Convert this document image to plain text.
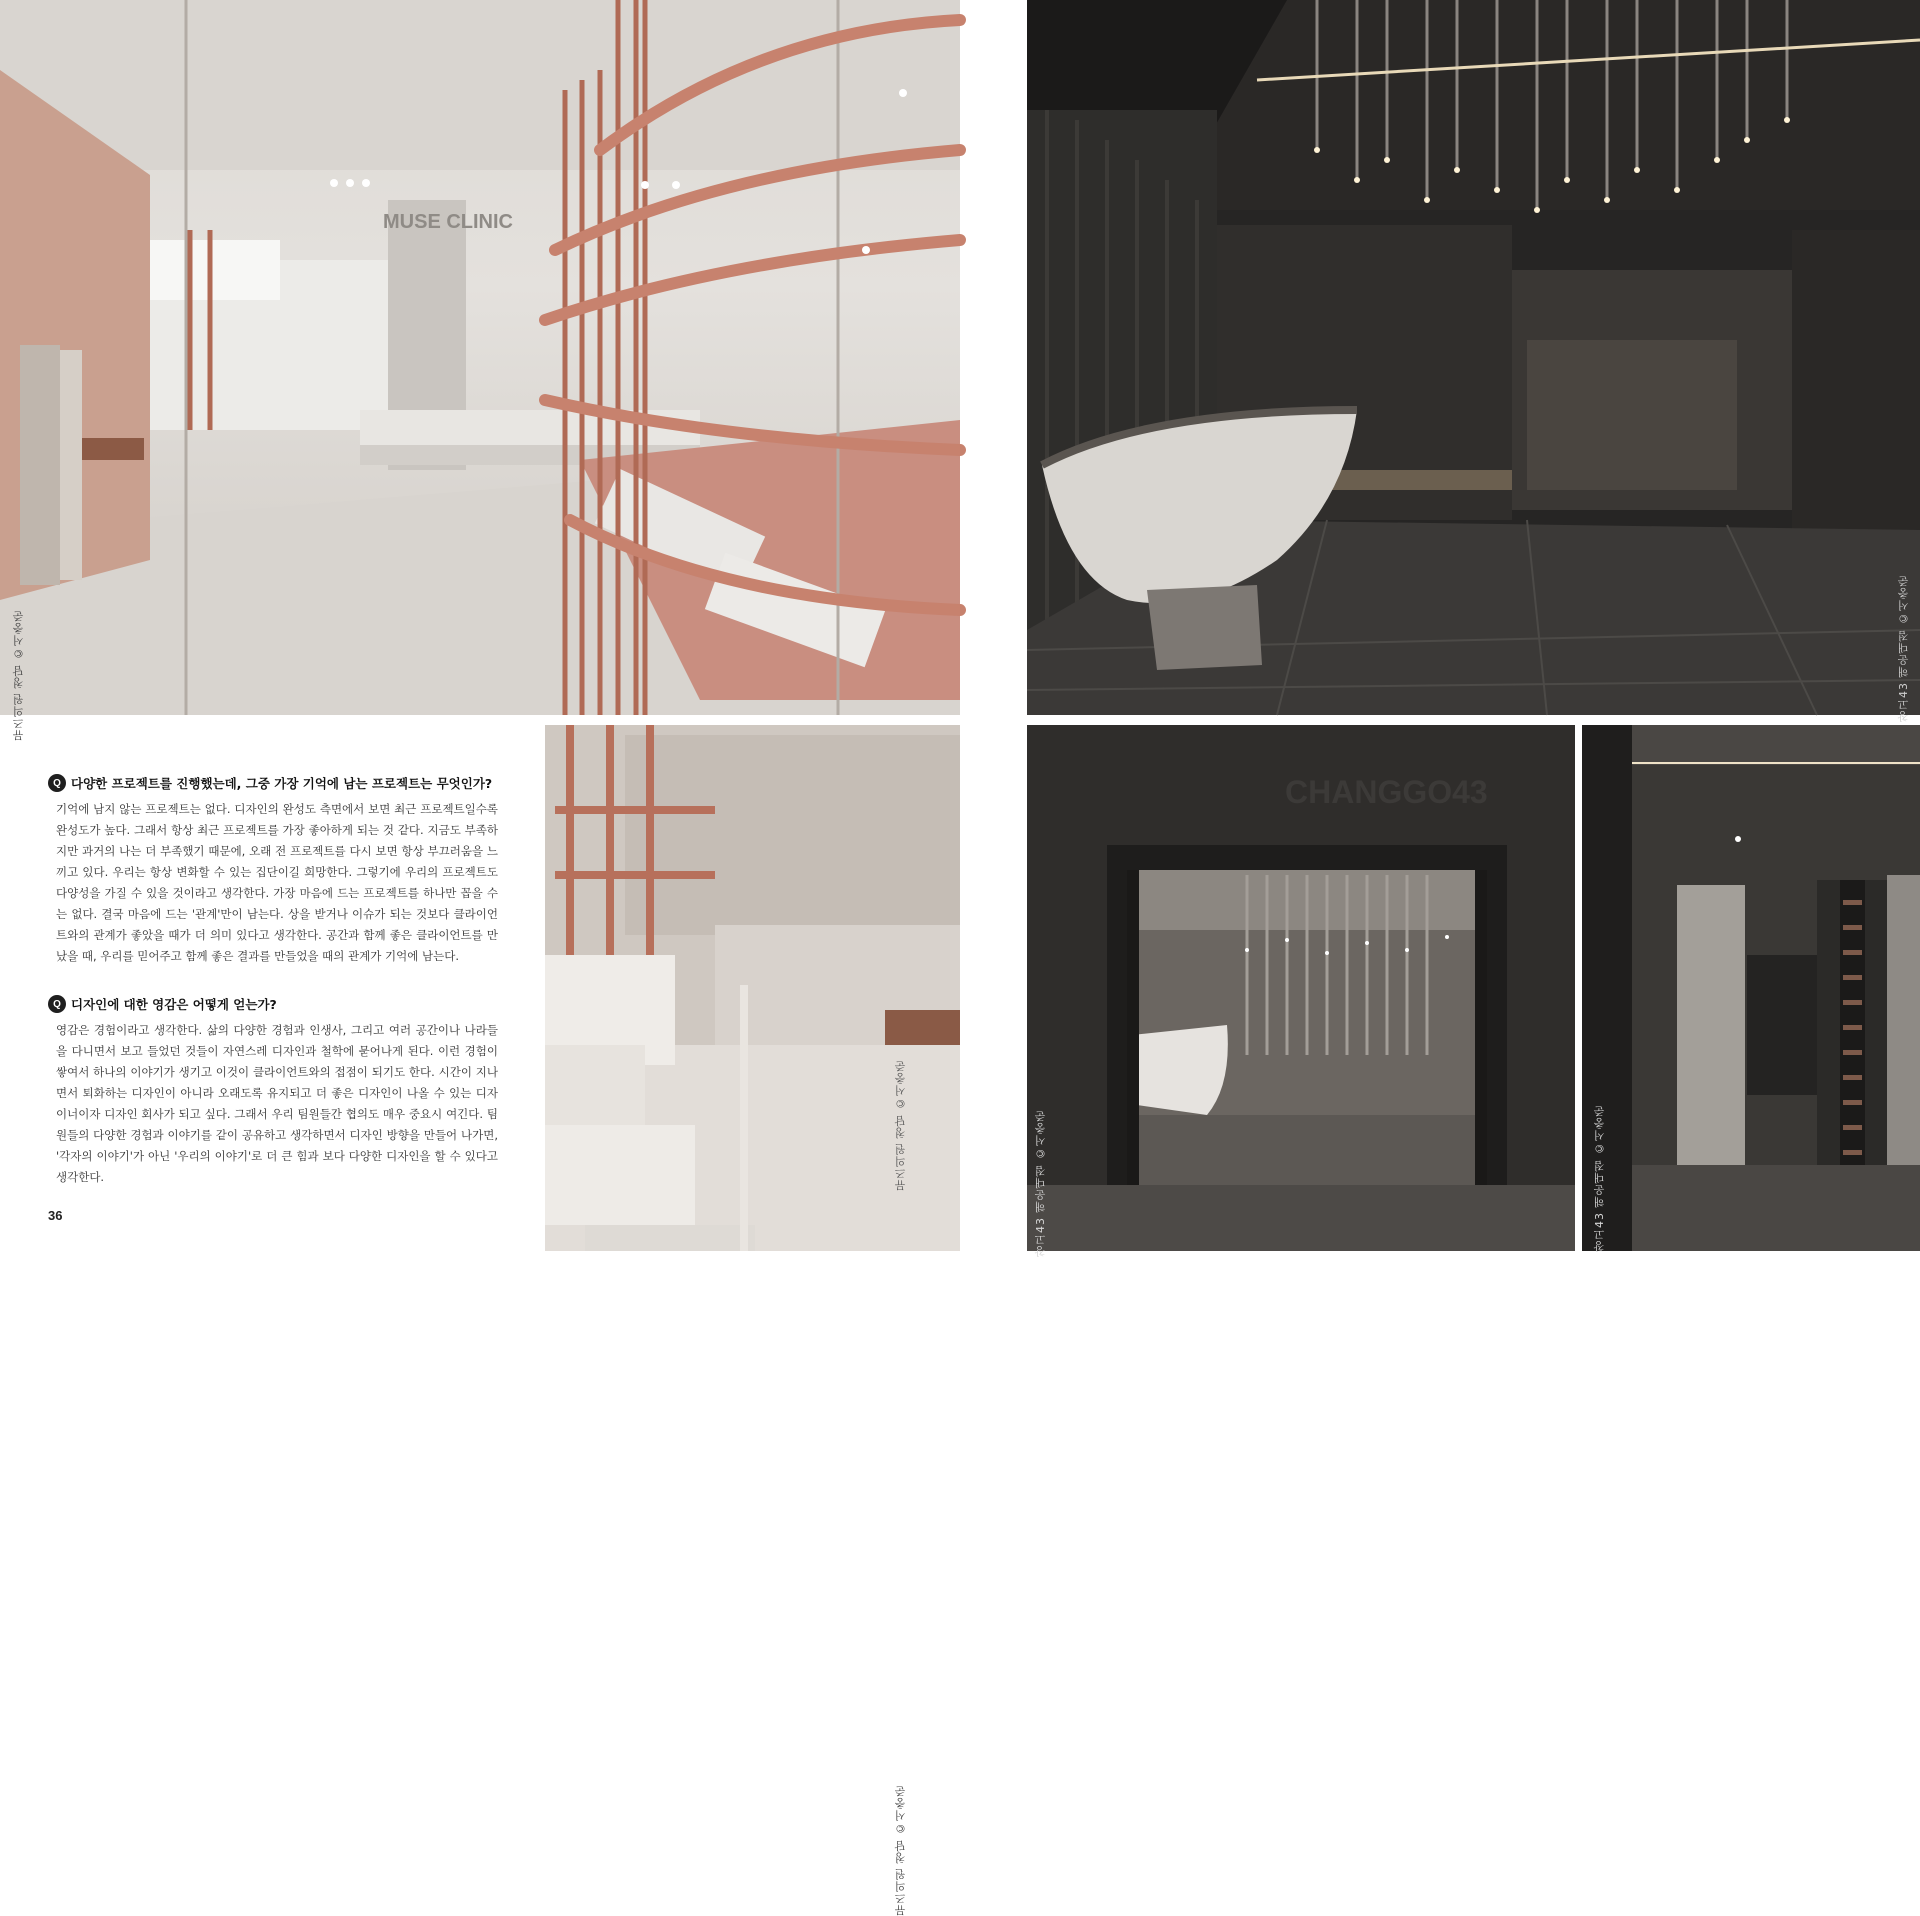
MUSE CLINIC
뮤즈의원 청담 ©서충준	창고43 해운대점 ©서충준
뮤즈의원 청담 ©서충준
뮤즈의원 청담 ©서충준
CHANGGO43
창고43 해운대점 ©서충준	창고43 해운대점 ©서충준
Q 다양한 프로젝트를 진행했는데, 그중 가장 기억에 남는 프로젝트는 무엇인가?

기억에 남지 않는 프로젝트는 없다. 디자인의 완성도 측면에서 보면 최근 프로젝트일수록 완성도가 높다. 그래서 항상 최근 프로젝트를 가장 좋아하게 되는 것 같다. 지금도 부족하지만 과거의 나는 더 부족했기 때문에, 오래 전 프로젝트를 다시 보면 항상 부끄러움을 느끼고 있다. 우리는 항상 변화할 수 있는 집단이길 희망한다. 그렇기에 우리의 프로젝트도 다양성을 가질 수 있을 것이라고 생각한다. 가장 마음에 드는 프로젝트를 하나만 꼽을 수는 없다. 결국 마음에 드는 '관계'만이 남는다. 상을 받거나 이슈가 되는 것보다 클라이언트와의 관계가 좋았을 때가 더 의미 있다고 생각한다. 공간과 함께 좋은 클라이언트를 만났을 때, 우리를 믿어주고 함께 좋은 결과를 만들었을 때의 관계가 기억에 남는다.

Q 디자인에 대한 영감은 어떻게 얻는가?

영감은 경험이라고 생각한다. 삶의 다양한 경험과 인생사, 그리고 여러 공간이나 나라들을 다니면서 보고 들었던 것들이 자연스레 디자인과 철학에 묻어나게 된다. 이런 경험이 쌓여서 하나의 이야기가 생기고 이것이 클라이언트와의 접점이 되기도 한다. 시간이 지나면서 퇴화하는 디자인이 아니라 오래도록 유지되고 더 좋은 디자인이 나올 수 있는 디자이너이자 디자인 회사가 되고 싶다. 그래서 우리 팀원들간 협의도 매우 중요시 여긴다. 팀원들의 다양한 경험과 이야기를 같이 공유하고 생각하면서 디자인 방향을 만들어 나가면, '각자의 이야기'가 아닌 '우리의 이야기'로 더 큰 힘과 보다 다양한 디자인을 할 수 있다고 생각한다.

36
